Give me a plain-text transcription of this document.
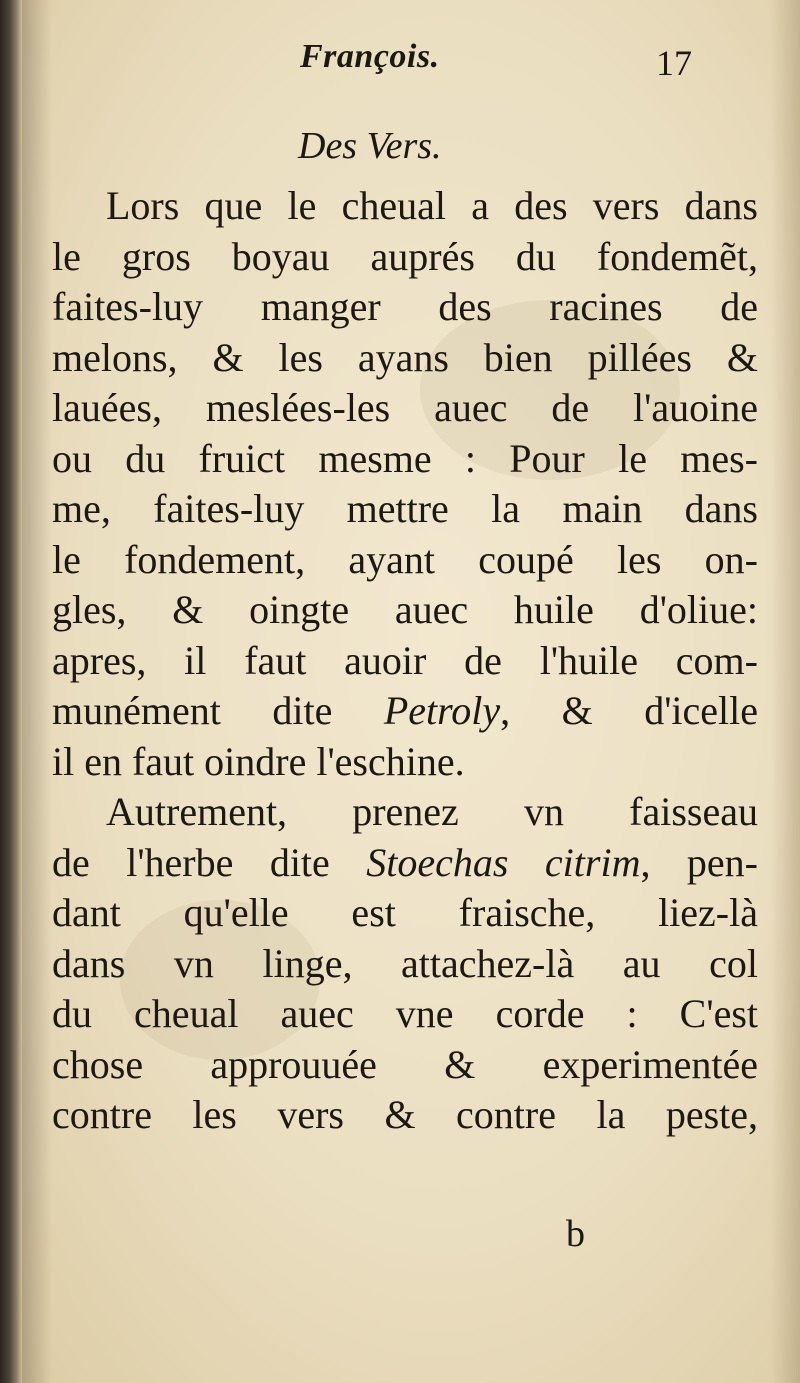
François.	17
Des Vers.
Lors que le cheual a des vers dans
le gros boyau auprés du fondemẽt,
faites-luy manger des racines de
melons, & les ayans bien pillées &
lauées, meslées-les auec de l'auoine
ou du fruict mesme : Pour le mes-
me, faites-luy mettre la main dans
le fondement, ayant coupé les on-
gles, & oingte auec huile d'oliue:
apres, il faut auoir de l'huile com-
munément dite Petroly, & d'icelle
il en faut oindre l'eschine.
Autrement, prenez vn faisseau
de l'herbe dite Stoechas citrim, pen-
dant qu'elle est fraische, liez-là
dans vn linge, attachez-là au col
du cheual auec vne corde : C'est
chose approuuée & experimentée
contre les vers & contre la peste,
b
